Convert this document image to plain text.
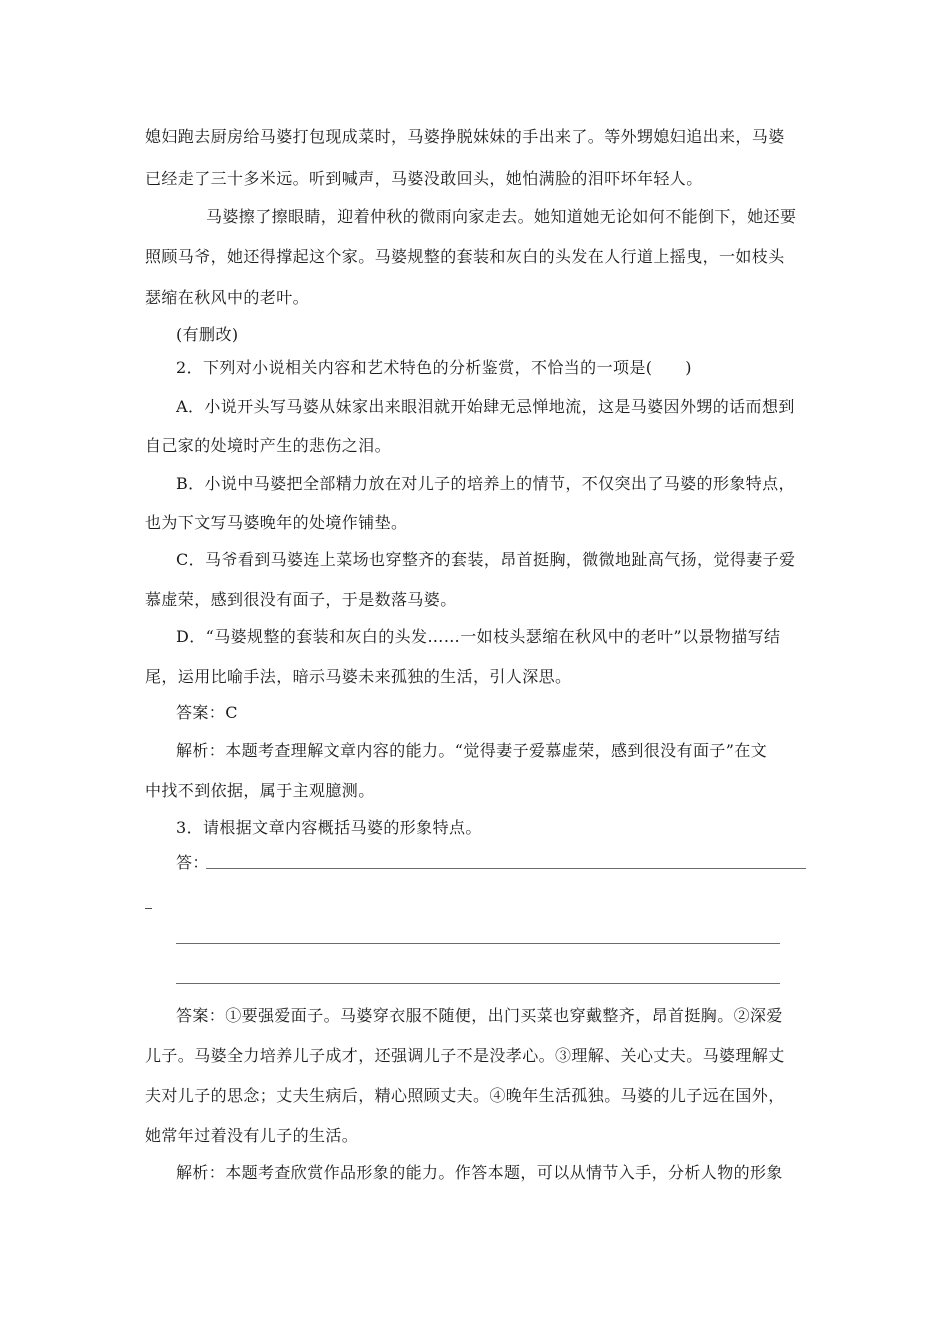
媳妇跑去厨房给马婆打包现成菜时，马婆挣脱妹妹的手出来了。等外甥媳妇追出来，马婆
已经走了三十多米远。听到喊声，马婆没敢回头，她怕满脸的泪吓坏年轻人。
马婆擦了擦眼睛，迎着仲秋的微雨向家走去。她知道她无论如何不能倒下，她还要
照顾马爷，她还得撑起这个家。马婆规整的套装和灰白的头发在人行道上摇曳，一如枝头
瑟缩在秋风中的老叶。
(有删改)
2．下列对小说相关内容和艺术特色的分析鉴赏，不恰当的一项是(　　)
A．小说开头写马婆从妹家出来眼泪就开始肆无忌惮地流，这是马婆因外甥的话而想到
自己家的处境时产生的悲伤之泪。
B．小说中马婆把全部精力放在对儿子的培养上的情节，不仅突出了马婆的形象特点，
也为下文写马婆晚年的处境作铺垫。
C．马爷看到马婆连上菜场也穿整齐的套装，昂首挺胸，微微地趾高气扬，觉得妻子爱
慕虚荣，感到很没有面子，于是数落马婆。
D．“马婆规整的套装和灰白的头发……一如枝头瑟缩在秋风中的老叶”以景物描写结
尾，运用比喻手法，暗示马婆未来孤独的生活，引人深思。
答案：C
解析：本题考查理解文章内容的能力。“觉得妻子爱慕虚荣，感到很没有面子”在文
中找不到依据，属于主观臆测。
3．请根据文章内容概括马婆的形象特点。
答：
答案：①要强爱面子。马婆穿衣服不随便，出门买菜也穿戴整齐，昂首挺胸。②深爱
儿子。马婆全力培养儿子成才，还强调儿子不是没孝心。③理解、关心丈夫。马婆理解丈
夫对儿子的思念；丈夫生病后，精心照顾丈夫。④晚年生活孤独。马婆的儿子远在国外，
她常年过着没有儿子的生活。
解析：本题考查欣赏作品形象的能力。作答本题，可以从情节入手，分析人物的形象
